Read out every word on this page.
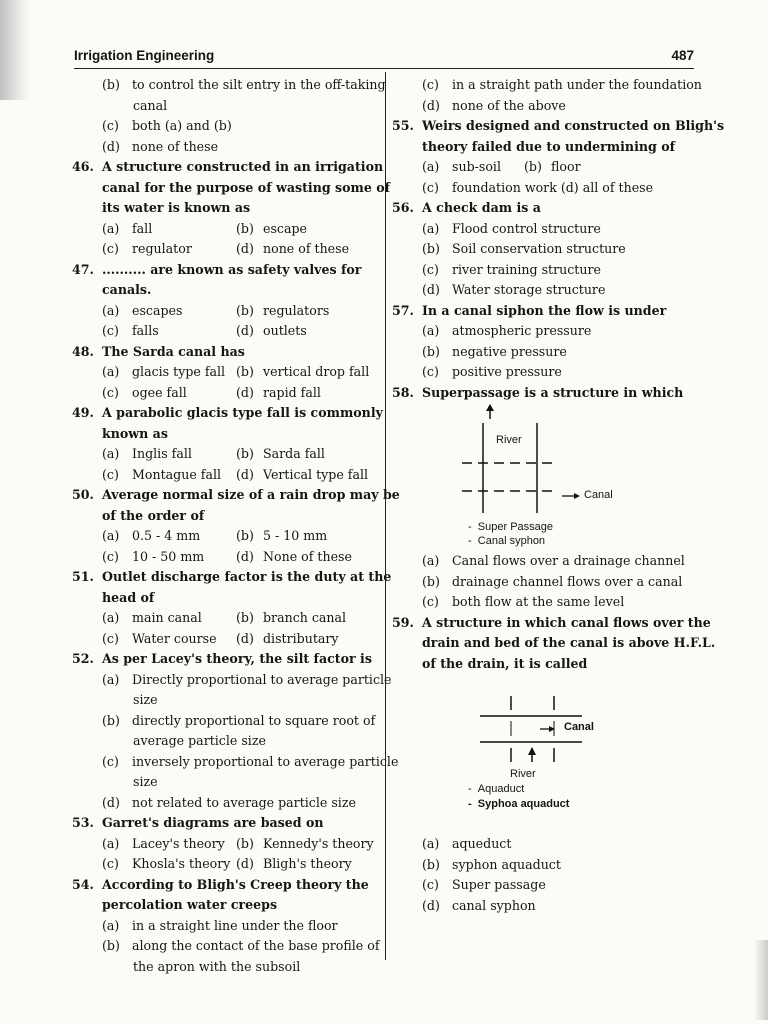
Irrigation Engineering	487
(b) to control the silt entry in the off-taking
canal
(c) both (a) and (b)
(d) none of these
46. A structure constructed in an irrigation
canal for the purpose of wasting some of
its water is known as
(a) fall	(b) escape
(c) regulator	(d) none of these
47. .......... are known as safety valves for
canals.
(a) escapes	(b) regulators
(c) falls	(d) outlets
48. The Sarda canal has
(a) glacis type fall (b) vertical drop fall
(c) ogee fall	(d) rapid fall
49. A parabolic glacis type fall is commonly
known as
(a) Inglis fall	(b) Sarda fall
(c) Montague fall (d) Vertical type fall
50. Average normal size of a rain drop may be
of the order of
(a) 0.5 - 4 mm	(b) 5 - 10 mm
(c) 10 - 50 mm	(d) None of these
51. Outlet discharge factor is the duty at the
head of
(a) main canal	(b) branch canal
(c) Water course (d) distributary
52. As per Lacey's theory, the silt factor is
(a) Directly proportional to average particle
size
(b) directly proportional to square root of
average particle size
(c) inversely proportional to average particle
size
(d) not related to average particle size
53. Garret's diagrams are based on
(a) Lacey's theory (b) Kennedy's theory
(c) Khosla's theory (d) Bligh's theory
54. According to Bligh's Creep theory the
percolation water creeps
(a) in a straight line under the floor
(b) along the contact of the base profile of
the apron with the subsoil
(c) in a straight path under the foundation
(d) none of the above
55. Weirs designed and constructed on Bligh's
theory failed due to undermining of
(a) sub-soil (b) floor
(c) foundation work (d) all of these
56. A check dam is a
(a) Flood control structure
(b) Soil conservation structure
(c) river training structure
(d) Water storage structure
57. In a canal siphon the flow is under
(a) atmospheric pressure
(b) negative pressure
(c) positive pressure
58. Superpassage is a structure in which
River
Canal
-  Super Passage
-  Canal syphon
(a) Canal flows over a drainage channel
(b) drainage channel flows over a canal
(c) both flow at the same level
59. A structure in which canal flows over the
drain and bed of the canal is above H.F.L.
of the drain, it is called
Canal
River
-  Aquaduct
-  Syphoa aquaduct
(a) aqueduct
(b) syphon aquaduct
(c) Super passage
(d) canal syphon
